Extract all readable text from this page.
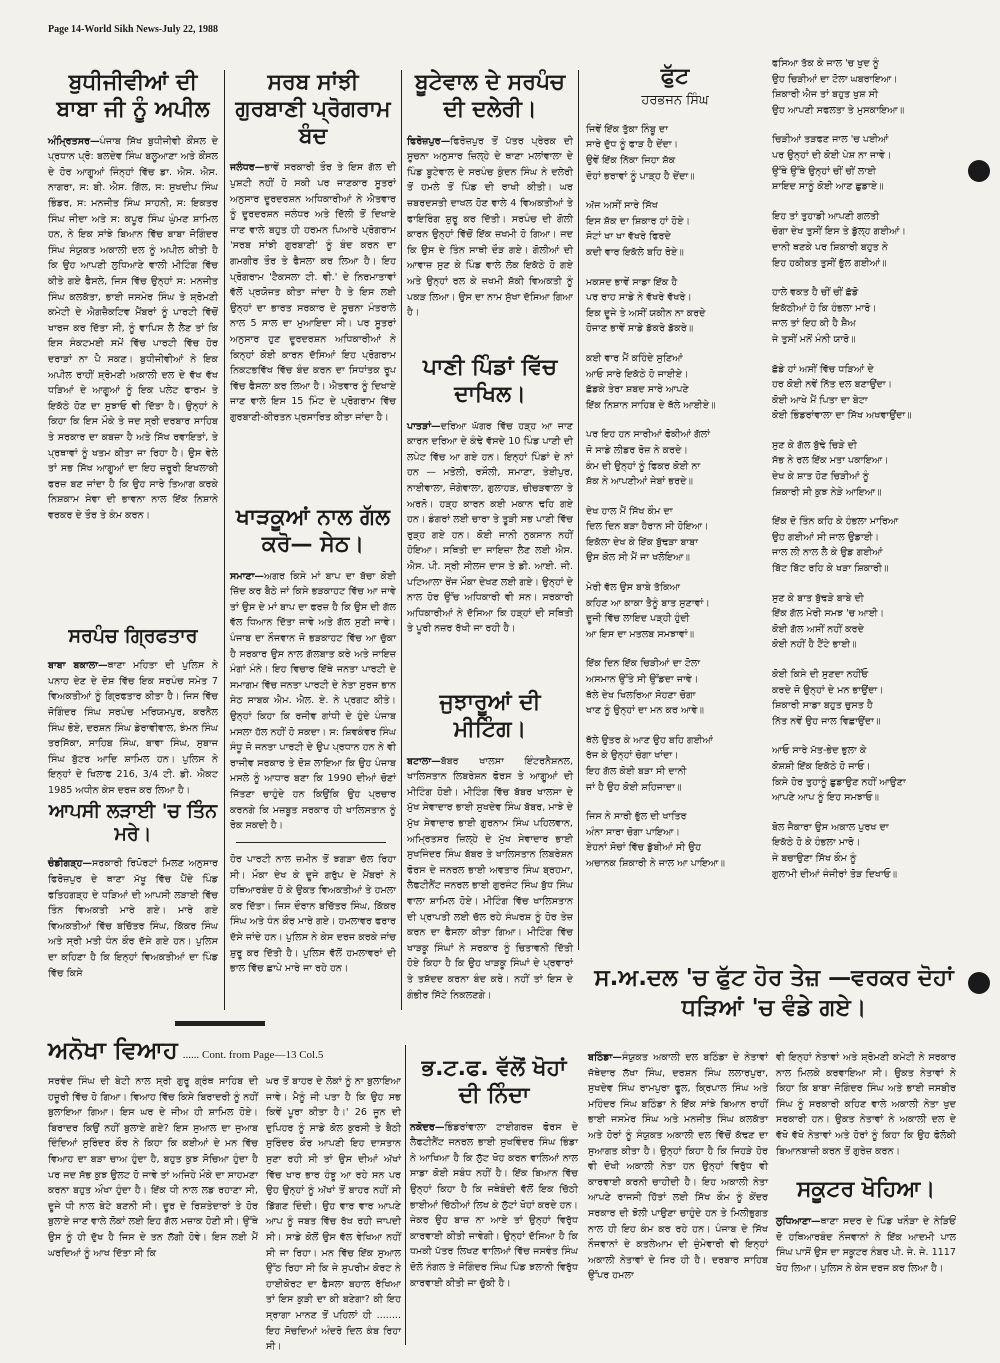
Page 14-World Sikh News-July 22, 1988
ਬੁਧੀਜੀਵੀਆਂ ਦੀ ਬਾਬਾ ਜੀ ਨੂੰ ਅਪੀਲ

ਅੰਮ੍ਰਿਤਸਰ—ਪੰਜਾਬ ਸਿੱਖ ਬੁਧੀਜੀਵੀ ਕੌਂਸਲ ਦੇ ਪ੍ਰਧਾਨ ਪ੍ਰੋ: ਬਲਦੇਵ ਸਿੰਘ ਬਲੂਆਣਾ ਅਤੇ ਕੌਂਸਲ ਦੇ ਹੋਰ ਆਗੂਆਂ ਜਿੰਨ੍ਹਾਂ ਵਿੱਚ ਡਾ. ਐਸ. ਐਸ. ਨਾਗਰਾ, ਸ: ਬੀ. ਐਸ. ਗਿੱਲ, ਸ: ਸੁਖਦੀਪ ਸਿੰਘ ਭਿੰਡਰ, ਸ: ਮਨਜੀਤ ਸਿੰਘ ਸਾਹਨੀ, ਸ: ਇਕਤਰ ਸਿੰਘ ਜੀਦਾ ਅਤੇ ਸ: ਕਪੂਰ ਸਿੰਘ ਘੁੰਮਣ ਸ਼ਾਮਿਲ ਹਨ, ਨੇ ਇਕ ਸਾਂਝੇ ਬਿਆਨ ਵਿੱਚ ਬਾਬਾ ਜੋਗਿੰਦਰ ਸਿੰਘ ਸੰਯੁਕਤ ਅਕਾਲੀ ਦਲ ਨੂੰ ਅਪੀਲ ਕੀਤੀ ਹੈ ਕਿ ਉਹ ਆਪਣੀ ਲੁਧਿਆਣੇ ਵਾਲੀ ਮੀਟਿੰਗ ਵਿੱਚ ਕੀਤੇ ਗਏ ਫੈਸਲੇ, ਜਿਸ ਵਿੱਚ ਉਨ੍ਹਾਂ ਸ: ਮਨਜੀਤ ਸਿੰਘ ਕਲਕੱਤਾ, ਭਾਈ ਜਸਮੇਰ ਸਿੰਘ ਤੇ ਸ਼੍ਰੋਮਣੀ ਕਮੇਟੀ ਦੇ ਐਗਜ਼ੈਕਟਿਵ ਮੈਂਬਰਾਂ ਨੂੰ ਪਾਰਟੀ ਵਿੱਚੋਂ ਖਾਰਜ ਕਰ ਦਿੱਤਾ ਸੀ, ਨੂੰ ਵਾਪਿਸ ਲੈ ਲੈਣ ਤਾਂ ਕਿ ਇਸ ਸੰਕਟਮਈ ਸਮੇਂ ਵਿੱਚ ਪਾਰਟੀ ਵਿੱਚ ਹੋਰ ਦਰਾੜਾਂ ਨਾ ਪੈ ਸਕਣ। ਬੁਧੀਜੀਵੀਆਂ ਨੇ ਇਕ ਅਪੀਲ ਰਾਹੀਂ ਸ਼੍ਰੋਮਣੀ ਅਕਾਲੀ ਦਲ ਦੇ ਵੱਖ ਵੱਖ ਧੜਿਆਂ ਦੇ ਆਗੂਆਂ ਨੂੰ ਇਕ ਪਲੇਟ ਫਾਰਮ ਤੇ ਇਕੱਠੇ ਹੋਣ ਦਾ ਸੁਝਾਓ ਵੀ ਦਿੱਤਾ ਹੈ। ਉਨ੍ਹਾਂ ਨੇ ਕਿਹਾ ਕਿ ਇਸ ਮੌਕੇ ਤੇ ਜਦ ਸ੍ਰੀ ਦਰਬਾਰ ਸਾਹਿਬ ਤੇ ਸਰਕਾਰ ਦਾ ਕਬਜ਼ਾ ਹੈ ਅਤੇ ਸਿੱਖ ਰਵਾਇਤਾਂ, ਤੇ ਪ੍ਰਥਾਵਾਂ ਨੂੰ ਖਤਮ ਕੀਤਾ ਜਾ ਰਿਹਾ ਹੈ। ਉਸ ਵੇਲੇ ਤਾਂ ਸਭ ਸਿੱਖ ਆਗੂਆਂ ਦਾ ਇਹ ਜ਼ਰੂਰੀ ਇਖਲਾਕੀ ਫਰਜ਼ ਬਣ ਜਾਂਦਾ ਹੈ ਕਿ ਉਹ ਸਾਰੇ ਤਿਆਗ ਕਰਕੇ ਨਿਸ਼ਕਾਮ ਸੇਵਾ ਦੀ ਭਾਵਨਾ ਨਾਲ ਇੱਕ ਨਿਸ਼ਾਨੇ ਵਰਕਰ ਦੇ ਤੌਰ ਤੇ ਕੰਮ ਕਰਨ।

ਸਰਪੰਚ ਗ੍ਰਿਫਤਾਰ

ਬਾਬਾ ਬਕਾਲਾ—ਥਾਣਾ ਮਹਿਤਾ ਦੀ ਪੁਲਿਸ ਨੇ ਪਨਾਹ ਦੇਣ ਦੇ ਦੋਸ਼ ਵਿੱਚ ਇਕ ਸਰਪੰਚ ਸਮੇਤ 7 ਵਿਅਕਤੀਆਂ ਨੂੰ ਗ੍ਰਿਫਤਾਰ ਕੀਤਾ ਹੈ। ਜਿਸ ਵਿੱਚ ਜੋਗਿੰਦਰ ਸਿੰਘ ਸਰਪੰਚ ਮਰਿਯਮਪੁਰ, ਕਰਨੈਲ ਸਿੰਘ ਭੋਏ, ਦਰਸ਼ਨ ਸਿੰਘ ਡੇਰਾਵੀਵਾਲ, ਝੰਮਨ ਸਿੰਘ ਤਰਸਿੱਕਾ, ਸਾਹਿਬ ਸਿੰਘ, ਬਾਵਾ ਸਿੰਘ, ਸੁਬਾਜ ਸਿੰਘ ਬੁੱਟਰ ਆਦਿ ਸ਼ਾਮਿਲ ਹਨ। ਪੁਲਿਸ ਨੇ ਇਨ੍ਹਾਂ ਦੇ ਖਿਲਾਫ 216, 3/4 ਟੀ. ਡੀ. ਐਕਟ 1985 ਅਧੀਨ ਕੇਸ ਦਰਜ ਕਰ ਲਿਆ ਹੈ।

ਆਪਸੀ ਲੜਾਈ 'ਚ ਤਿੰਨ ਮਰੇ।

ਚੰਡੀਗੜ੍ਹ—ਸਰਕਾਰੀ ਰਿਪੋਰਟਾਂ ਮਿਲਣ ਅਨੁਸਾਰ ਫਿਰੋਜ਼ਪੁਰ ਦੇ ਥਾਣਾ ਮੱਖੂ ਵਿੱਚ ਪੈਂਦੇ ਪਿੰਡ ਫਤਿਹਗੜ੍ਹ ਦੇ ਧੜਿਆਂ ਦੀ ਆਪਸੀ ਲੜਾਈ ਵਿੱਚ ਤਿੰਨ ਵਿਅਕਤੀ ਮਾਰੇ ਗਏ। ਮਾਰੇ ਗਏ ਵਿਅਕਤੀਆਂ ਵਿੱਚ ਬਚਿੱਤਰ ਸਿੰਘ, ਕਿੱਕਰ ਸਿੰਘ ਅਤੇ ਸ੍ਰੀ ਮਤੀ ਧੰਨ ਕੌਰ ਦੱਸੇ ਗਏ ਹਨ। ਪੁਲਿਸ ਦਾ ਕਹਿਣਾ ਹੈ ਕਿ ਇਨ੍ਹਾਂ ਵਿਅਕਤੀਆਂ ਦਾ ਪਿੰਡ ਵਿੱਚ ਕਿਸੇ

ਸਰਬ ਸਾਂਝੀ ਗੁਰਬਾਣੀ ਪ੍ਰੋਗਰਾਮ ਬੰਦ

ਜਲੰਧਰ—ਭਾਵੇਂ ਸਰਕਾਰੀ ਤੌਰ ਤੇ ਇਸ ਗੱਲ ਦੀ ਪੁਸ਼ਟੀ ਨਹੀਂ ਹੋ ਸਕੀ ਪਰ ਜਾਣਕਾਰ ਸੂਤਰਾਂ ਅਨੁਸਾਰ ਦੂਰਦਰਸ਼ਨ ਅਧਿਕਾਰੀਆਂ ਨੇ ਐਤਵਾਰ ਨੂੰ ਦੂਰਦਰਸ਼ਨ ਜਲੰਧਰ ਅਤੇ ਦਿੱਲੀ ਤੋਂ ਦਿਖਾਏ ਜਾਣ ਵਾਲੇ ਬਹੁਤ ਹੀ ਹਰਮਨ ਪਿਆਰੇ ਪ੍ਰੋਗਰਾਮ 'ਸਰਬ ਸਾਂਝੀ ਗੁਰਬਾਣੀ' ਨੂੰ ਬੰਦ ਕਰਨ ਦਾ ਗਮਗੀਰ ਤੌਰ ਤੇ ਫੈਸਲਾ ਕਰ ਲਿਆ ਹੈ। ਇਹ ਪ੍ਰੋਗਰਾਮ 'ਟੈਕਸਲਾ ਟੀ. ਵੀ.' ਦੇ ਨਿਰਮਾਤਾਵਾਂ ਵੱਲੋਂ ਪ੍ਰਯੋਜਤ ਕੀਤਾ ਜਾਂਦਾ ਹੈ ਤੇ ਇਸ ਲਈ ਉਨ੍ਹਾਂ ਦਾ ਭਾਰਤ ਸਰਕਾਰ ਦੇ ਸੂਚਨਾ ਮੰਤਰਾਲੇ ਨਾਲ 5 ਸਾਲ ਦਾ ਮੁਆਇਦਾ ਸੀ। ਪਰ ਸੂਤਰਾਂ ਅਨੁਸਾਰ ਹੁਣ ਦੂਰਦਰਸ਼ਨ ਅਧਿਕਾਰੀਆਂ ਨੇ ਕਿਨ੍ਹਾਂ ਕੋਈ ਕਾਰਨ ਦੱਸਿਆਂ ਇਹ ਪ੍ਰੋਗਰਾਮ ਨਿਕਟਭਵਿੱਖ ਵਿੱਚ ਬੰਦ ਕਰਨ ਦਾ ਸਿਧਾਂਤਕ ਰੂਪ ਵਿੱਚ ਫੈਸਲਾ ਕਰ ਲਿਆ ਹੈ। ਐਤਵਾਰ ਨੂੰ ਦਿਖਾਏ ਜਾਣ ਵਾਲੇ ਇਸ 15 ਮਿੰਟ ਦੇ ਪ੍ਰੋਗਰਾਮ ਵਿੱਚ ਗੁਰਬਾਣੀ-ਕੀਰਤਨ ਪ੍ਰਸਾਰਿਤ ਕੀਤਾ ਜਾਂਦਾ ਹੈ।

ਖਾੜਕੂਆਂ ਨਾਲ ਗੱਲ ਕਰੋ— ਸੇਠ।

ਸਮਾਣਾ—ਅਗਰ ਕਿਸੇ ਮਾਂ ਬਾਪ ਦਾ ਬੱਚਾ ਕੋਈ ਜ਼ਿੱਦ ਕਰ ਬੈਠੇ ਜਾਂ ਕਿਸੇ ਭੜਕਾਹਟ ਵਿੱਚ ਆ ਜਾਵੇ ਤਾਂ ਉਸ ਦੇ ਮਾਂ ਬਾਪ ਦਾ ਫਰਜ਼ ਹੈ ਕਿ ਉਸ ਦੀ ਗੱਲ ਵੱਲ ਧਿਆਨ ਦਿੱਤਾ ਜਾਵੇ ਅਤੇ ਗੱਲ ਸੁਣੀ ਜਾਵੇ। ਪੰਜਾਬ ਦਾ ਨੌਜਵਾਨ ਜੋ ਭੜਕਾਹਟ ਵਿੱਚ ਆ ਚੁੱਕਾ ਹੈ ਸਰਕਾਰ ਉਸ ਨਾਲ ਗੱਲਬਾਤ ਕਰੇ ਅਤੇ ਜਾਇਜ਼ ਮੰਗਾਂ ਮੰਨੇ। ਇਹ ਵਿਚਾਰ ਇੱਥੇ ਜਨਤਾ ਪਾਰਟੀ ਦੇ ਸਮਾਗਮ ਵਿੱਚ ਜਨਤਾ ਪਾਰਟੀ ਦੇ ਨੇਤਾ ਸੁਰਜ ਭਾਨ ਸੇਠ ਸਾਬਕ ਐਮ. ਐਲ. ਏ. ਨੇ ਪ੍ਰਗਟ ਕੀਤੇ। ਉਨ੍ਹਾਂ ਕਿਹਾ ਕਿ ਰਜੀਵ ਗਾਂਧੀ ਦੇ ਹੁੰਦੇ ਪੰਜਾਬ ਮਸਲਾ ਹੱਲ ਨਹੀਂ ਹੋ ਸਕਦਾ। ਸ: ਸ਼ਿਵਕੰਵਰ ਸਿੰਘ ਸੰਧੂ ਜੋ ਜਨਤਾ ਪਾਰਟੀ ਦੇ ਉਪ ਪ੍ਰਧਾਨ ਹਨ ਨੇ ਵੀ ਰਾਜੀਵ ਸਰਕਾਰ ਤੇ ਦੋਸ਼ ਲਾਇਆ ਕਿ ਉਹ ਪੰਜਾਬ ਮਸਲੇ ਨੂੰ ਆਧਾਰ ਬਣਾ ਕਿ 1990 ਦੀਆਂ ਚੋਣਾਂ ਜਿੱਤਣਾ ਚਾਹੁੰਦੇ ਹਨ ਕਿਉਂਕਿ ਉਹ ਪ੍ਰਚਾਰ ਕਰਨਗੇ ਕਿ ਮਜ਼ਬੂਤ ਸਰਕਾਰ ਹੀ ਖਾਲਿਸਤਾਨ ਨੂੰ ਰੋਕ ਸਕਦੀ ਹੈ।

ਹੋਰ ਪਾਰਟੀ ਨਾਲ ਜ਼ਮੀਨ ਤੋਂ ਝਗੜਾ ਚੱਲ ਰਿਹਾ ਸੀ। ਮੌਕਾ ਦੇਖ ਕੇ ਦੂਜੇ ਗਰੁੱਪ ਦੇ ਮੈਂਬਰਾਂ ਨੇ ਹਥਿਆਰਬੰਦ ਹੋ ਕੇ ਉਕਤ ਵਿਅਕਤੀਆਂ ਤੇ ਹਮਲਾ ਕਰ ਦਿੱਤਾ। ਜਿਸ ਦੌਰਾਨ ਬਚਿੱਤਰ ਸਿੰਘ, ਕਿੱਕਰ ਸਿੰਘ ਅਤੇ ਧੰਨ ਕੌਰ ਮਾਰੇ ਗਏ। ਹਮਲਾਵਰ ਫਰਾਰ ਦੱਸੇ ਜਾਂਦੇ ਹਨ। ਪੁਲਿਸ ਨੇ ਕੇਸ ਦਰਜ ਕਰਕੇ ਜਾਂਚ ਸ਼ੁਰੂ ਕਰ ਦਿੱਤੀ ਹੈ। ਪੁਲਿਸ ਵੱਲੋਂ ਹਮਲਾਵਰਾਂ ਦੀ ਭਾਲ ਵਿੱਚ ਛਾਪੇ ਮਾਰੇ ਜਾ ਰਹੇ ਹਨ।

ਬੂਟੇਵਾਲ ਦੇ ਸਰਪੰਚ ਦੀ ਦਲੇਰੀ।

ਫਿਰੋਜ਼ਪੁਰ—ਫਿਰੋਜ਼ਪੁਰ ਤੋਂ ਪੱਤਰ ਪ੍ਰੇਰਕ ਦੀ ਸੂਚਨਾ ਅਨੁਸਾਰ ਜ਼ਿਲ੍ਹੇ ਦੇ ਥਾਣਾ ਮਲਾਂਵਾਲਾ ਦੇ ਪਿੰਡ ਬੂਟੇਵਾਲ ਦੇ ਸਰਪੰਚ ਕੁੰਦਨ ਸਿੰਘ ਨੇ ਦਲੇਰੀ ਤੋਂ ਹਮਲੇ ਤੋਂ ਪਿੰਡ ਦੀ ਰਾਖੀ ਕੀਤੀ। ਘਰ ਜ਼ਬਰਦਸਤੀ ਦਾਖਲ ਹੋਣ ਵਾਲੇ 4 ਵਿਅਕਤੀਆਂ ਤੇ ਫਾਇਰਿੰਗ ਸ਼ੁਰੂ ਕਰ ਦਿੱਤੀ। ਸਰਪੰਚ ਦੀ ਗੋਲੀ ਕਾਰਨ ਉਨ੍ਹਾਂ ਵਿੱਚੋਂ ਇੱਕ ਜ਼ਖਮੀ ਹੋ ਗਿਆ। ਜਦ ਕਿ ਉਸ ਦੇ ਤਿੰਨ ਸਾਥੀ ਦੌੜ ਗਏ। ਗੋਲੀਆਂ ਦੀ ਆਵਾਜ਼ ਸੁਣ ਕੇ ਪਿੰਡ ਵਾਲੇ ਲੋਕ ਇਕੱਠੇ ਹੋ ਗਏ ਅਤੇ ਉਨ੍ਹਾਂ ਰਲ ਕੇ ਜ਼ਖਮੀ ਸ਼ੱਕੀ ਵਿਅਕਤੀ ਨੂੰ ਪਕੜ ਲਿਆ। ਉਸ ਦਾ ਨਾਮ ਸੁੱਖਾ ਦੱਸਿਆ ਗਿਆ ਹੈ।

ਪਾਣੀ ਪਿੰਡਾਂ ਵਿੱਚ ਦਾਖਿਲ।

ਪਾਤੜਾਂ—ਦਰਿਆ ਘੱਗਰ ਵਿੱਚ ਹੜ੍ਹ ਆ ਜਾਣ ਕਾਰਨ ਦਰਿਆ ਦੇ ਕੰਢੇ ਵੱਸਦੇ 10 ਪਿੰਡ ਪਾਣੀ ਦੀ ਲਪੇਟ ਵਿੱਚ ਆ ਗਏ ਹਨ। ਇਨ੍ਹਾਂ ਪਿੰਡਾਂ ਦੇ ਨਾਂ ਹਨ — ਮਤੋਲੀ, ਰਸੌਲੀ, ਸਮਾਣਾ, ਤੇਈਪੁਰ, ਨਾਈਵਾਲਾ, ਜੋਗੇਵਾਲਾ, ਗੁਲਾਹੜ, ਚੀਚੜਵਾਲਾ ਤੇ ਅਰਨੋ। ਹੜ੍ਹ ਕਾਰਨ ਕਈ ਮਕਾਨ ਢਹਿ ਗਏ ਹਨ। ਡੰਗਰਾਂ ਲਈ ਚਾਰਾ ਤੇ ਤੂੜੀ ਸਭ ਪਾਣੀ ਵਿੱਚ ਰੁੜ੍ਹ ਗਏ ਹਨ। ਕੋਈ ਜਾਨੀ ਨੁਕਸਾਨ ਨਹੀਂ ਹੋਇਆ। ਸਥਿਤੀ ਦਾ ਜਾਇਜ਼ਾ ਲੈਣ ਲਈ ਐਸ. ਐਸ. ਪੀ. ਸ੍ਰੀ ਸੀਲਜ ਦਾਸ ਤੇ ਡੀ. ਆਈ. ਜੀ. ਪਟਿਆਲਾ ਰੇਂਜ ਮੌਕਾ ਦੇਖਣ ਲਈ ਗਏ। ਉਨ੍ਹਾਂ ਦੇ ਨਾਲ ਹੋਰ ਉੱਚ ਅਧਿਕਾਰੀ ਵੀ ਸਨ। ਸਰਕਾਰੀ ਅਧਿਕਾਰੀਆਂ ਨੇ ਦੱਸਿਆ ਕਿ ਹੜ੍ਹਾਂ ਦੀ ਸਥਿਤੀ ਤੇ ਪੂਰੀ ਨਜ਼ਰ ਰੱਖੀ ਜਾ ਰਹੀ ਹੈ।

ਜੁਝਾਰੂਆਂ ਦੀ ਮੀਟਿੰਗ।

ਬਟਾਲਾ—ਬੱਬਰ ਖਾਲਸਾ ਇੰਟਰਨੈਸ਼ਨਲ, ਖਾਲਿਸਤਾਨ ਲਿਬਰੇਸ਼ਨ ਫੋਰਸ ਤੇ ਆਗੂਆਂ ਦੀ ਮੀਟਿੰਗ ਹੋਈ। ਮੀਟਿੰਗ ਵਿੱਚ ਬੱਬਰ ਖਾਲਸਾ ਦੇ ਮੁੱਖ ਸੇਵਾਦਾਰ ਭਾਈ ਸੁਖਦੇਵ ਸਿੰਘ ਬੱਬਰ, ਮਾਝੇ ਦੇ ਮੁੱਖ ਸੇਵਾਦਾਰ ਭਾਈ ਗੁਰਨਾਮ ਸਿੰਘ ਪਹਿਲਵਾਨ, ਅਮ੍ਰਿਤਸਰ ਜ਼ਿਲ੍ਹੇ ਦੇ ਮੁੱਖ ਸੇਵਾਦਾਰ ਭਾਈ ਸੁਖਜਿੰਦਰ ਸਿੰਘ ਬੱਬਰ ਤੇ ਖਾਲਿਸਤਾਨ ਲਿਬਰੇਸ਼ਨ ਫੋਰਸ ਦੇ ਜਨਰਲ ਭਾਈ ਅਵਤਾਰ ਸਿੰਘ ਬ੍ਰਹਮਾ, ਲੈਫਟੀਨੈਂਟ ਜਨਰਲ ਭਾਈ ਗੁਰਜੰਟ ਸਿੰਘ ਬੁੱਧ ਸਿੰਘ ਵਾਲਾ ਸ਼ਾਮਿਲ ਹੋਏ। ਮੀਟਿੰਗ ਵਿੱਚ ਖਾਲਿਸਤਾਨ ਦੀ ਪ੍ਰਾਪਤੀ ਲਈ ਚੱਲ ਰਹੇ ਸੰਘਰਸ਼ ਨੂੰ ਹੋਰ ਤੇਜ਼ ਕਰਨ ਦਾ ਫੈਸਲਾ ਕੀਤਾ ਗਿਆ। ਮੀਟਿੰਗ ਵਿੱਚ ਖਾੜਕੂ ਸਿੰਘਾਂ ਨੇ ਸਰਕਾਰ ਨੂੰ ਚਿਤਾਵਨੀ ਦਿੱਤੀ ਹੋਏ ਕਿਹਾ ਹੈ ਕਿ ਉਹ ਖਾੜਕੂ ਸਿੰਘਾਂ ਦੇ ਪ੍ਰਵਾਰਾਂ ਤੇ ਤਸ਼ੱਦਦ ਕਰਨਾ ਬੰਦ ਕਰੇ। ਨਹੀਂ ਤਾਂ ਇਸ ਦੇ ਗੰਭੀਰ ਸਿੱਟੇ ਨਿਕਲਣਗੇ।

ਫੁੱਟ
ਹਰਭਜਨ ਸਿੰਘ
ਜਿਵੇਂ ਇੱਕ ਤੁੱਕਾ ਨਿੰਬੂ ਦਾ
ਸਾਰੇ ਦੁੱਧ ਨੂੰ ਫਾੜ ਹੈ ਦੇਂਦਾ।
ਉਵੇਂ ਇੱਕ ਨਿੱਕਾ ਜਿਹਾ ਸ਼ੱਕ
ਦੋਹਾਂ ਭਰਾਵਾਂ ਨੂੰ ਪਾੜ੍ਹ ਹੈ ਦੇਂਦਾ॥
ਅੱਜ ਅਸੀਂ ਸਾਰੇ ਸਿੱਖ
ਇਸ ਸ਼ੱਕ ਦਾ ਸ਼ਿਕਾਰ ਹਾਂ ਹੋਏ।
ਸੋਟਾਂ ਖਾ ਖਾ ਵੱਖਰੇ ਫਿਰਦੇ
ਕਦੀ ਵਾਰ ਇਕੱਲੇ ਬਹਿ ਰੋਏ॥
ਮਕਸਦ ਭਾਵੇਂ ਸਾਡਾ ਇੱਕ ਹੈ
ਪਰ ਰਾਹ ਸਾਡੇ ਨੇ ਵੱਖਰੇ ਵੱਖਰੇ।
ਇਕ ਦੂਜੇ ਤੇ ਅਸੀਂ ਯਕੀਨ ਨਾ ਕਰਦੇ
ਹੋਜਾਣ ਭਾਵੇਂ ਸਾਡੇ ਡੱਕਰੇ ਡੱਕਰੇ॥
ਕਈ ਵਾਰ ਮੈਂ ਕਹਿੰਦੇ ਸੁਣਿਆਂ
ਆਓ ਸਾਰੇ ਇਕੱਠੇ ਹੋ ਜਾਈਏ।
ਛੱਡਕੇ ਤੇਰਾ ਸ਼ਬਦ ਸਾਰੇ ਆਪਣੇ
ਇੱਕ ਨਿਸ਼ਾਨ ਸਾਹਿਬ ਦੇ ਥੱਲੇ ਆਈਏ॥
ਪਰ ਇਹ ਹਨ ਸਾਰੀਆਂ ਫੋਕੀਆਂ ਗੱਲਾਂ
ਜੋ ਸਾਡੇ ਲੀਡਰ ਰੋਜ਼ ਨੇ ਕਰਦੇ।
ਕੰਮ ਦੀ ਉਨ੍ਹਾਂ ਨੂੰ ਫਿਕਰ ਕੋਈ ਨਾ
ਸ਼ੱਕ ਨੇ ਆਪਣੀਆਂ ਜੇਬਾਂ ਭਰਦੇ॥
ਦੇਖ ਹਾਲ ਮੈਂ ਸਿੱਖ ਕੌਮ ਦਾ
ਦਿਲ ਦਿਨ ਬੜਾ ਹੈਰਾਨ ਸੀ ਹੋਇਆ।
ਇਕੱਲਾ ਦੇਖ ਕੇ ਇੱਕ ਬੁੱਢੜਾ ਬਾਬਾ
ਉਸ ਕੋਲ ਸੀ ਮੈਂ ਜਾ ਖਲੋਇਆ॥
ਮੇਰੀ ਵੱਲ ਉਸ ਬਾਬੇ ਤੱਕਿਆ
ਕਹਿਣ ਆ ਕਾਕਾ ਤੈਨੂੰ ਬਾਤ ਸੁਣਾਵਾਂ।
ਦੂਜੀ ਵਿੱਚ ਲਾਇਦ ਪੜ੍ਹੀ ਹੁੰਦੀ
ਆ ਇਸ ਦਾ ਮਤਲਬ ਸਮਝਾਵਾਂ॥
ਇੱਕ ਦਿਨ ਇੱਕ ਚਿੜੀਆਂ ਦਾ ਟੋਲਾ
ਅਸਮਾਨ ਉੱਤੇ ਸੀ ਉੱਡਦਾ ਜਾਵੇ।
ਥੱਲੇ ਦੇਖ ਖਿਲਰਿਆ ਸੋਹਣਾ ਚੋਗਾ
ਖਾਣ ਨੂੰ ਉਨ੍ਹਾਂ ਦਾ ਮਨ ਕਰ ਆਵੇ॥
ਥੱਲੇ ਉਤਰ ਕੇ ਆਣ ਉਹ ਬਹਿ ਗਈਆਂ
ਰੱਜ ਕੇ ਉਨ੍ਹਾਂ ਚੋਗਾ ਖਾਂਦਾ।
ਇਹ ਗੱਲ ਕੋਈ ਬੜਾ ਸੀ ਦਾਨੀ
ਜਾਂ ਹੈ ਉਹ ਕੋਈ ਸ਼ਹਿਜਾਦਾ॥
ਜਿਸ ਨੇ ਸਾਰੀ ਭੁੱਲ ਦੀ ਖਾਤਿਰ
ਅੰਨਾ ਸਾਰਾ ਚੋਗਾ ਪਾਇਆ।
ਏਹਨਾਂ ਸੋਚਾਂ ਵਿੱਚ ਡੁੱਬੀਆਂ ਸੀ ਉਹ
ਅਚਾਨਕ ਸ਼ਿਕਾਰੀ ਨੇ ਜਾਲ ਆ ਪਾਇਆ॥
ਫਸਿਆ ਤੱਕ ਕੇ ਜਾਲ 'ਚ ਖੁਦ ਨੂੰ
ਉਹ ਚਿੜੀਆਂ ਦਾ ਟੋਲਾ ਘਬਰਾਇਆ।
ਸ਼ਿਕਾਰੀ ਐਜ ਤਾਂ ਬਹੁਤ ਖੁਸ਼ ਸੀ
ਉਹ ਆਪਣੀ ਸਫਲਤਾ ਤੇ ਮੁਸਕਾਇਆ॥
ਚਿੜੀਆਂ ਤੜਫਣ ਜਾਲ 'ਚ ਪਈਆਂ
ਪਰ ਉਨ੍ਹਾਂ ਦੀ ਕੋਈ ਪੇਸ਼ ਨਾ ਜਾਵੇ।
ਉੱਥੇ ਉੱਥੇ ਉਨ੍ਹਾਂ ਚੀਂ ਚੀਂ ਲਾਈ
ਸ਼ਾਇਦ ਸਾਨੂੰ ਕੋਈ ਆਣ ਛੁਡਾਏ॥
ਇਹ ਤਾਂ ਤੁਹਾਡੀ ਆਪਣੀ ਗਲਤੀ
ਚੋਗਾ ਦੇਖ ਤੁਸੀਂ ਇਸ ਤੇ ਡੁੱਲ੍ਹ ਗਈਆਂ।
ਦਾਨੀ ਥਣਕੇ ਪਰ ਸ਼ਿਕਾਰੀ ਬਹੁਤ ਨੇ
ਇਹ ਹਕੀਕਤ ਤੁਸੀਂ ਭੁੱਲ ਗਈਆਂ॥
ਹਾਲੇ ਵਕਤ ਹੈ ਚੀਂ ਚੀਂ ਛੱਡੋ
ਇਕੱਠੀਆਂ ਹੋ ਕਿ ਹੰਭਲਾ ਮਾਰੋ।
ਜਾਲ ਤਾਂ ਇਹ ਕੀ ਹੈ ਸ਼ੈਅ
ਜੇ ਤੁਸੀਂ ਮਨੋਂ ਮੰਨੀ ਯਾਰੋ॥
ਛੱਡੇ ਹਾਂ ਅਸੀਂ ਵਿੱਚ ਧੜਿਆਂ ਦੇ
ਹਰ ਕੋਈ ਨਵੇਂ ਨਿੱਤ ਦਲ ਬਣਾਉਂਦਾ।
ਕੋਈ ਆਖੇ ਮੈਂ ਪਿਤਾ ਦਾ ਬੇਟਾ
ਕੋਈ ਭਿੰਡਰਾਂਵਾਲਾ ਦਾ ਸਿੱਖ ਅਖਵਾਉਂਦਾ॥
ਸੁਣ ਕੇ ਗੱਲ ਬੁੱਢੇ ਚਿੜੇ ਦੀ
ਸੱਭ ਨੇ ਰਲ ਇੱਕ ਮਤਾ ਪਕਾਇਆ।
ਦੇਖ ਕੇ ਸ਼ਾਤ ਹੋਣ ਚਿੜੀਆਂ ਨੂੰ
ਸ਼ਿਕਾਰੀ ਸੀ ਕੁਝ ਨੇੜੇ ਆਇਆ॥
ਇੱਕ ਦੋ ਤਿੰਨ ਕਹਿ ਕੇ ਹੰਭਲਾ ਮਾਰਿਆ
ਉਹ ਗਈਆਂ ਸੀ ਜਾਲ ਉਡਾਈ।
ਜਾਲ ਲੀ ਨਾਲ ਲੈ ਕੇ ਉਡ ਗਈਆਂ
ਬਿੱਟ ਬਿੱਟ ਰਹਿ ਕੇ ਖੜਾ ਸ਼ਿਕਾਰੀ॥
ਸੁਣ ਕੇ ਬਾਤ ਬੁੱਢੜੇ ਬਾਬੇ ਦੀ
ਇੱਕ ਗੱਲ ਮੇਰੀ ਸਮਝ 'ਚ ਆਈ।
ਕੋਈ ਗੱਲ ਅਸੀਂ ਨਹੀਂ ਕਰਦੇ
ਕੋਈ ਨਹੀਂ ਹੈ ਟੈਂਟੇ ਭਾਈ॥
ਕੋਈ ਕਿਸੇ ਦੀ ਸੁਣਦਾ ਨਹੀਂਓ
ਕਰਦੇ ਜੋ ਉਨ੍ਹਾਂ ਦੇ ਮਨ ਭਾਉਂਦਾ।
ਸ਼ਿਕਾਰੀ ਸਾਡਾ ਬਹੁਤ ਚੁਸਤ ਹੈ
ਨਿੱਤ ਨਵੇਂ ਉਹ ਜਾਲ ਵਿਛਾਉਂਦਾ॥
ਆਓ ਸਾਰੇ ਮੱਤ-ਭੇਦ ਭੁਲਾ ਕੇ
ਕੋਸ਼ਸ਼ੀ ਇੱਕ ਇਕੱਠੇ ਹੋ ਜਾਓ।
ਕਿਸੇ ਹੋਰ ਤੁਹਾਨੂੰ ਛੁਡਾਉਣ ਨਹੀਂ ਆਉਣਾ
ਆਪਣੇ ਆਪ ਨੂੰ ਇਹ ਸਮਝਾਓ॥
ਬੋਲ ਜੈਕਾਰਾ ਉਸ ਅਕਾਲ ਪੁਰਖ ਦਾ
ਇਕੱਠੇ ਹੋ ਕੇ ਹੰਭਲਾ ਮਾਰੋ।
ਜੇ ਬਚਾਉਣਾ ਸਿੱਖ ਕੌਮ ਨੂੰ
ਗੁਲਾਮੀ ਦੀਆਂ ਜੰਜੀਰਾਂ ਤੋੜ ਦਿਖਾਓ॥
ਸ.ਅ.ਦਲ 'ਚ ਫੁੱਟ ਹੋਰ ਤੇਜ਼ —ਵਰਕਰ ਦੋਹਾਂ ਧੜਿਆਂ 'ਚ ਵੰਡੇ ਗਏ।

ਬਠਿੰਡਾ—ਸੰਯੁਕਤ ਅਕਾਲੀ ਦਲ ਬਠਿੰਡਾ ਦੇ ਨੇਤਾਵਾਂ ਜੱਥੇਦਾਰ ਲੱਖਾ ਸਿੰਘ, ਦਰਸ਼ਨ ਸਿੰਘ ਲਲਾਰਪੁਰਾ, ਸੁਖਦੇਵ ਸਿੰਘ ਰਾਮਪੁਰਾ ਫੂਲ, ਕ੍ਰਿਪਾਲ ਸਿੰਘ ਅਤੇ ਮਹਿੰਦਰ ਸਿੰਘ ਬਠਿੰਡਾ ਨੇ ਇੱਕ ਸਾਂਝੇ ਬਿਆਨ ਰਾਹੀਂ ਭਾਈ ਜਸਮੇਰ ਸਿੰਘ ਅਤੇ ਮਨਜੀਤ ਸਿੰਘ ਕਲਕੱਤਾ ਅਤੇ ਹੋਰਾਂ ਨੂੰ ਸੰਯੁਕਤ ਅਕਾਲੀ ਦਲ ਵਿੱਚੋਂ ਕੱਢਣ ਦਾ ਸੁਆਗਤ ਕੀਤਾ ਹੈ। ਉਨ੍ਹਾਂ ਕਿਹਾ ਹੈ ਕਿ ਜਿਹੜੇ ਹੋਰ ਵੀ ਦੋਖੀ ਅਕਾਲੀ ਨੇਤਾ ਹਨ ਉਨ੍ਹਾਂ ਵਿਰੁੱਧ ਵੀ ਕਾਰਵਾਈ ਕਰਨੀ ਚਾਹੀਦੀ ਹੈ। ਇਹ ਅਕਾਲੀ ਨੇਤਾ ਆਪਣੇ ਰਾਜਸੀ ਹਿੱਤਾਂ ਲਈ ਸਿੱਖ ਕੌਮ ਨੂੰ ਕੇਂਦਰ ਸਰਕਾਰ ਦੀ ਝੋਲੀ ਪਾਉਣਾ ਚਾਹੁੰਦੇ ਹਨ ਤੇ ਮਿਲੀਭੁਗਤ ਨਾਲ ਹੀ ਇਹ ਕੰਮ ਕਰ ਰਹੇ ਹਨ। ਪੰਜਾਬ ਦੇ ਸਿੱਖ ਨੌਜਵਾਨਾਂ ਦੇ ਕਤਲੇਆਮ ਦੀ ਜ਼ੁੰਮੇਵਾਰੀ ਵੀ ਇਨ੍ਹਾਂ ਅਕਾਲੀ ਨੇਤਾਵਾਂ ਦੇ ਸਿਰ ਹੀ ਹੈ। ਦਰਬਾਰ ਸਾਹਿਬ ਉੱਪਰ ਹਮਲਾ

ਵੀ ਇਨ੍ਹਾਂ ਨੇਤਾਵਾਂ ਅਤੇ ਸ਼੍ਰੋਮਣੀ ਕਮੇਟੀ ਨੇ ਸਰਕਾਰ ਨਾਲ ਮਿਲਕੇ ਕਰਵਾਇਆ ਸੀ। ਉਕਤ ਨੇਤਾਵਾਂ ਨੇ ਕਿਹਾ ਕਿ ਬਾਬਾ ਜੋਗਿੰਦਰ ਸਿੰਘ ਅਤੇ ਭਾਈ ਜਸਬੀਰ ਸਿੰਘ ਨੂੰ ਸਰਕਾਰੀ ਕਹਿਣ ਵਾਲੇ ਅਕਾਲੀ ਨੇਤਾ ਖੁਦ ਸਰਕਾਰੀ ਹਨ। ਉਕਤ ਨੇਤਾਵਾਂ ਨੇ ਅਕਾਲੀ ਦਲ ਦੇ ਵੱਖੋ ਵੱਖੋ ਨੇਤਾਵਾਂ ਅਤੇ ਹੋਰਾਂ ਨੂੰ ਕਿਹਾ ਕਿ ਉਹ ਫੋਲੋਕੀ ਬਿਆਨਬਾਜ਼ੀ ਕਰਨ ਤੋਂ ਗੁਰੇਜ਼ ਕਰਨ।

ਸਕੂਟਰ ਖੋਹਿਆ।

ਲੁਧਿਆਣਾ—ਥਾਣਾ ਸਦਰ ਦੇ ਪਿੰਡ ਖਨੌੜਾ ਦੇ ਨੇੜਿਓਂ ਦੋ ਹਥਿਆਰਬੰਦ ਨੌਜਵਾਨਾਂ ਨੇ ਇੱਕ ਆਦਮੀ ਪਾਲ ਸਿੰਘ ਪਾਸੋਂ ਉਸ ਦਾ ਸਕੂਟਰ ਨੰਬਰ ਪੀ. ਜੇ. ਜੇ. 1117 ਖੋਹ ਲਿਆ। ਪੁਲਿਸ ਨੇ ਕੇਸ ਦਰਜ ਕਰ ਲਿਆ ਹੈ।

ਅਨੋਖਾ ਵਿਆਹ ...... Cont. from Page—13 Col.5

ਸਰਵੰਦ ਸਿੰਘ ਦੀ ਬੇਟੀ ਨਾਲ ਸ੍ਰੀ ਗੁਰੂ ਗ੍ਰੰਥ ਸਾਹਿਬ ਦੀ ਹਜ਼ੂਰੀ ਵਿੱਚ ਹੋ ਗਿਆ। ਵਿਆਹ ਵਿੱਚ ਕਿਸੇ ਬਿਰਾਦਰੀ ਨੂੰ ਨਹੀਂ ਬੁਲਾਇਆ ਗਿਆ। ਇਸ ਘਰ ਦੇ ਜੀਅ ਹੀ ਸ਼ਾਮਿਲ ਹੋਏ। ਬਿਰਾਦਰ ਕਿਉਂ ਨਹੀਂ ਬੁਲਾਏ ਗਏ? ਇਸ ਸੁਆਲ ਦਾ ਜੁਆਬ ਦਿੰਦਿਆਂ ਸੁਰਿੰਦਰ ਕੌਰ ਨੇ ਕਿਹਾ ਕਿ ਕਈਆਂ ਦੇ ਮਨ ਵਿੱਚ ਵਿਆਹ ਦਾ ਬੜਾ ਚਾਅ ਹੁੰਦਾ ਹੈ, ਬਹੁਤ ਕੁਝ ਸੋਚਿਆ ਹੁੰਦਾ ਹੈ ਪਰ ਜਦ ਸੱਭ ਕੁਝ ਉਲਟ ਹੋ ਜਾਵੇ ਤਾਂ ਅਜਿਹੇ ਮੌਕੇ ਦਾ ਸਾਹਮਣਾ ਕਰਨਾ ਬਹੁਤ ਔਖਾ ਹੁੰਦਾ ਹੈ। ਇੱਕ ਧੀ ਨਾਲ ਲਡ ਰਹਾਣਾ ਸੀ, ਦੂਜੇ ਧੀ ਨਾਲ ਬੇਟੇ ਬਣਨੀ ਸੀ। ਦੂਰ ਦੇ ਰਿਸ਼ਤੇਦਾਰਾਂ ਤੇ ਹੋਰ ਬੁਲਾਏ ਜਾਣ ਵਾਲੇ ਲੋਕਾਂ ਲਈ ਇਹ ਗੱਲ ਮਜ਼ਾਕ ਹੋਣੀ ਸੀ। ਉੱਥੇ ਉਸ ਨੂੰ ਹੀ ਦੁੱਖ ਹੈ ਜਿਸ ਦੇ ਤਨ ਲੱਗੀ ਹੋਵੇ। ਇਸ ਲਈ ਮੈਂ ਘਰਦਿਆਂ ਨੂੰ ਆਖ ਦਿੱਤਾ ਸੀ ਕਿ

ਘਰ ਤੋਂ ਬਾਹਰ ਦੇ ਲੋਕਾਂ ਨੂੰ ਨਾ ਬੁਲਾਇਆ ਜਾਵੇ। ਮੈਨੂੰ ਜੀ ਪਤਾ ਹੈ ਕਿ ਉਹ ਸਭ ਕਿਵੇਂ ਪੂਰਾ ਕੀਤਾ ਹੈ।' 26 ਜੂਨ ਦੀ ਦੁਪਿਹਰ ਨੂੰ ਸਾਡੇ ਕੋਲ ਕੁਰਸੀ ਤੇ ਬੈਠੀ ਸੁਰਿੰਦਰ ਕੌਰ ਆਪਣੀ ਇਹ ਦਾਸਤਾਨ ਸੁਣਾ ਰਹੀ ਸੀ ਤਾਂ ਉਸ ਦੀਆਂ ਅੱਖਾਂ ਵਿੱਚ ਖਾਰ ਭਾਰ ਹੰਝੂ ਆ ਰਹੇ ਸਨ ਪਰ ਉਹ ਉਨ੍ਹਾਂ ਨੂੰ ਅੱਖਾਂ ਤੋਂ ਬਾਹਰ ਨਹੀਂ ਸੀ ਡਿੱਗਣ ਦਿੰਦੀ। ਉਹ ਵਾਰ ਵਾਰ ਆਪਣੇ ਆਪ ਨੂੰ ਜਬਤ ਵਿੱਚ ਰੱਖ ਰਹੀ ਜਾਪਦੀ ਸੀ। ਸਾਡੇ ਕੋਲੋਂ ਉਸ ਵੱਲ ਵੇਖਿਆ ਨਹੀਂ ਸੀ ਜਾ ਰਿਹਾ। ਮਨ ਵਿੱਚ ਇੱਕ ਸੁਆਲ ਉੱਠ ਰਿਹਾ ਸੀ ਕਿ ਜੇ ਸੁਪਰੀਮ ਕੋਰਟ ਨੇ ਹਾਈਕੋਰਟ ਦਾ ਫੈਸਲਾ ਬਹਾਲ ਰੱਖਿਆ ਤਾਂ ਇਸ ਕੁੜੀ ਦਾ ਕੀ ਬਣੇਗਾ? ਕੀ ਇਹ ਸ੍ਰਾਗਾ ਮਾਨਣ ਤੋਂ ਪਹਿਲਾਂ ਹੀ ........ ਇਹ ਸੋਚਦਿਆਂ ਅੰਦਰੋ ਦਿਲ ਕੰਬ ਰਿਹਾ ਸੀ।

ਭ.ਟ.ਫ. ਵੱਲੋਂ ਖੋਹਾਂ ਦੀ ਨਿੰਦਾ

ਨਕੋਦਰ—ਭਿੰਡਰਾਂਵਾਲਾ ਟਾਈਗਰਜ਼ ਫੋਰਸ ਦੇ ਲੈਫਟੀਨੈਂਟ ਜਨਰਲ ਭਾਈ ਸੁਖਵਿੰਦਰ ਸਿੰਘ ਭਿੰਡਾ ਨੇ ਆਖਿਆ ਹੈ ਕਿ ਲੁੱਟ ਖੋਹ ਕਰਨ ਵਾਲਿਆਂ ਨਾਲ ਸਾਡਾ ਕੋਈ ਸਬੰਧ ਨਹੀਂ ਹੈ। ਇੱਕ ਬਿਆਨ ਵਿੱਚ ਉਨ੍ਹਾਂ ਕਿਹਾ ਹੈ ਕਿ ਜਥੇਬੰਦੀ ਵੱਲੋਂ ਇਕ ਚਿੱਠੀ ਭਾਈਆਂ ਚਿੱਠੀਆਂ ਲਿਖ ਕੇ ਲੁੱਟਾਂ ਖੋਹਾਂ ਕਰਦੇ ਹਨ। ਜੇਕਰ ਉਹ ਬਾਜ਼ ਨਾ ਆਏ ਤਾਂ ਉਨ੍ਹਾਂ ਵਿਰੁੱਧ ਕਾਰਵਾਈ ਕੀਤੀ ਜਾਵੇਗੀ। ਉਨ੍ਹਾਂ ਦੱਸਿਆ ਹੈ ਕਿ ਧਮਕੀ ਪੱਤਰ ਲਿਖਣ ਵਾਲਿਆਂ ਵਿੱਚ ਜਸਵੰਤ ਸਿੰਘ ਦੋਲੋ ਨੰਗਲ ਤੇ ਜੋਗਿੰਦਰ ਸਿੰਘ ਪਿੰਡ ਝਲਾਨੀ ਵਿਰੁੱਧ ਕਾਰਵਾਈ ਕੀਤੀ ਜਾ ਚੁੱਕੀ ਹੈ।
